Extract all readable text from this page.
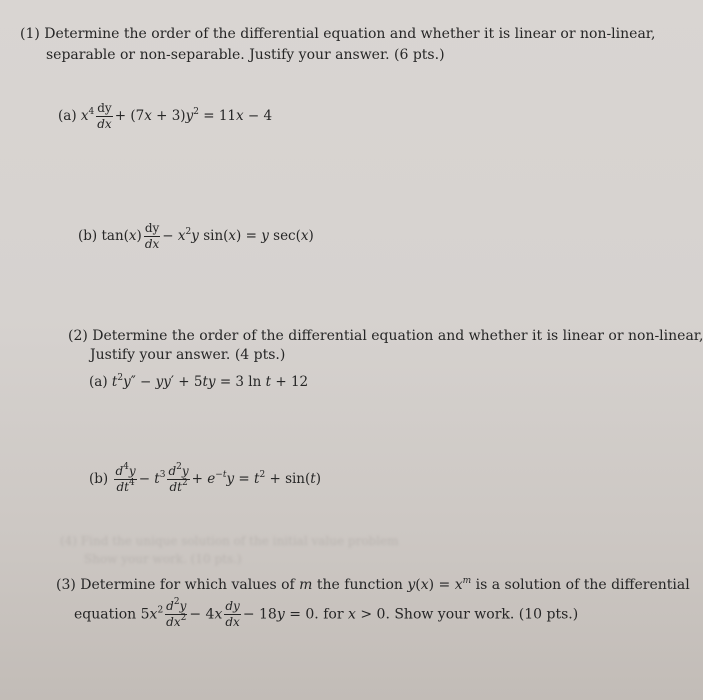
(1) Determine the order of the differential equation and whether it is linear or non-linear,
separable or non-separable. Justify your answer. (6 pts.)
(a) $x^4 \frac{dy}{dx} + (7x + 3)y^2 = 11x - 4$
(b) $\tan(x) \frac{dy}{dx} - x^2y$ sin(x) = y sec(x)
(2) Determine the order of the differential equation and whether it is linear or non-linear,
Justify your answer. (4 pts.)
(a) $t^2y'' - yy' + 5ty = 3$ ln t + 12
$(b) \frac{d^4y}{dt^4} - t^3 \frac{d^2y}{dt^2} + e^{-t}y = t^2 + \sin(t)$
(4) Find the unique solution of the initial value problem
Show your work. (10 pts.)
(3) Determine for which values of m the function $y(x) = x^m$ is a solution of the differential
equation $5x^2 \frac{d^2y}{dx^2} - 4x \frac{dy}{dx} - 18y = 0$. for x > 0. Show your work. (10 pts.)
